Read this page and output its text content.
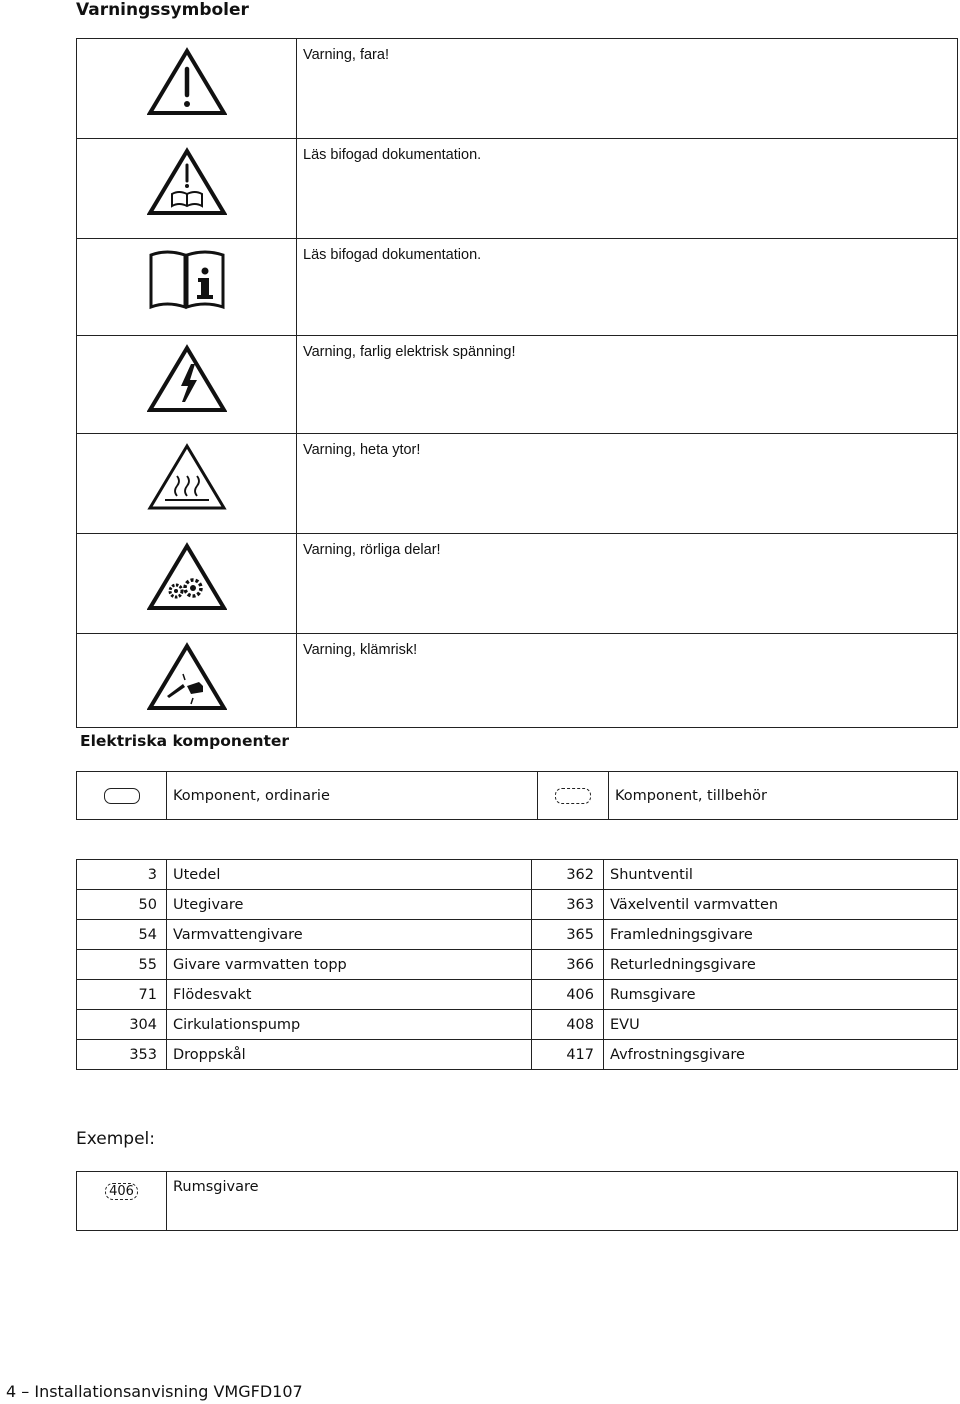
Varningssymboler
	Varning, fara!

	Läs bifogad dokumentation.

	Läs bifogad dokumentation.

	Varning, farlig elektrisk spänning!

	Varning, heta ytor!

	Varning, rörliga delar!

	Varning, klämrisk!
Elektriska komponenter
	Komponent, ordinarie		Komponent, tillbehör
3	Utedel	362	Shuntventil
50	Utegivare	363	Växelventil varmvatten
54	Varmvattengivare	365	Framledningsgivare
55	Givare varmvatten topp	366	Returledningsgivare
71	Flödesvakt	406	Rumsgivare
304	Cirkulationspump	408	EVU
353	Droppskål	417	Avfrostningsgivare

Exempel:

406	Rumsgivare
4 – Installationsanvisning VMGFD107
